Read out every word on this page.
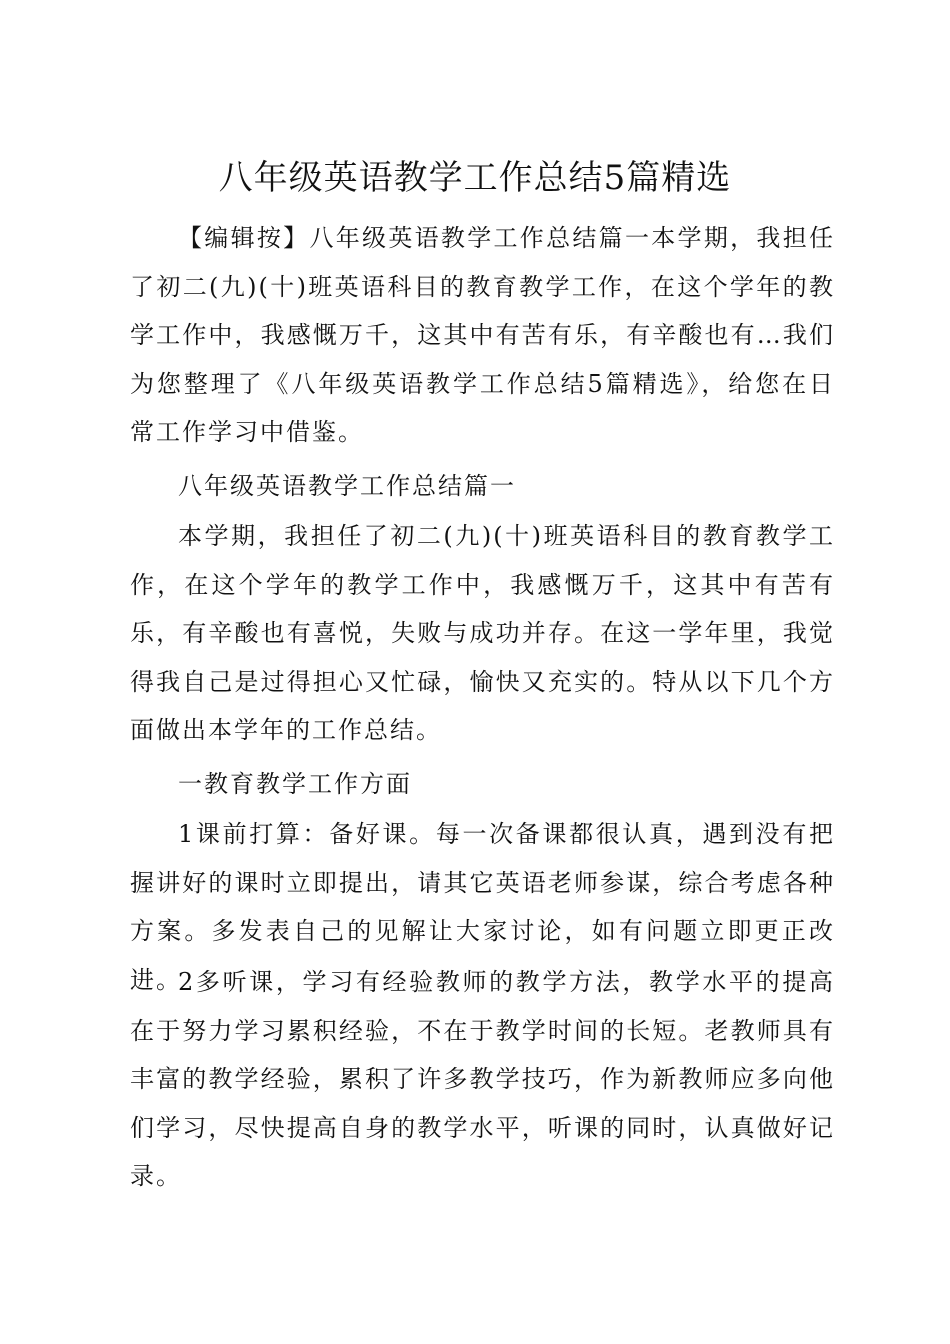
八年级英语教学工作总结5篇精选

【编辑按】八年级英语教学工作总结篇一本学期，我担任了初二(九)(十)班英语科目的教育教学工作，在这个学年的教学工作中，我感慨万千，这其中有苦有乐，有辛酸也有…我们为您整理了《八年级英语教学工作总结5篇精选》，给您在日常工作学习中借鉴。

八年级英语教学工作总结篇一

本学期，我担任了初二(九)(十)班英语科目的教育教学工作，在这个学年的教学工作中，我感慨万千，这其中有苦有乐，有辛酸也有喜悦，失败与成功并存。在这一学年里，我觉得我自己是过得担心又忙碌，愉快又充实的。特从以下几个方面做出本学年的工作总结。

一教育教学工作方面

1课前打算：备好课。每一次备课都很认真，遇到没有把握讲好的课时立即提出，请其它英语老师参谋，综合考虑各种方案。多发表自己的见解让大家讨论，如有问题立即更正改进。

2多听课，学习有经验教师的教学方法，教学水平的提高在于努力学习累积经验，不在于教学时间的长短。老教师具有丰富的教学经验，累积了许多教学技巧，作为新教师应多向他们学习，尽快提高自身的教学水平，听课的同时，认真做好记录。
